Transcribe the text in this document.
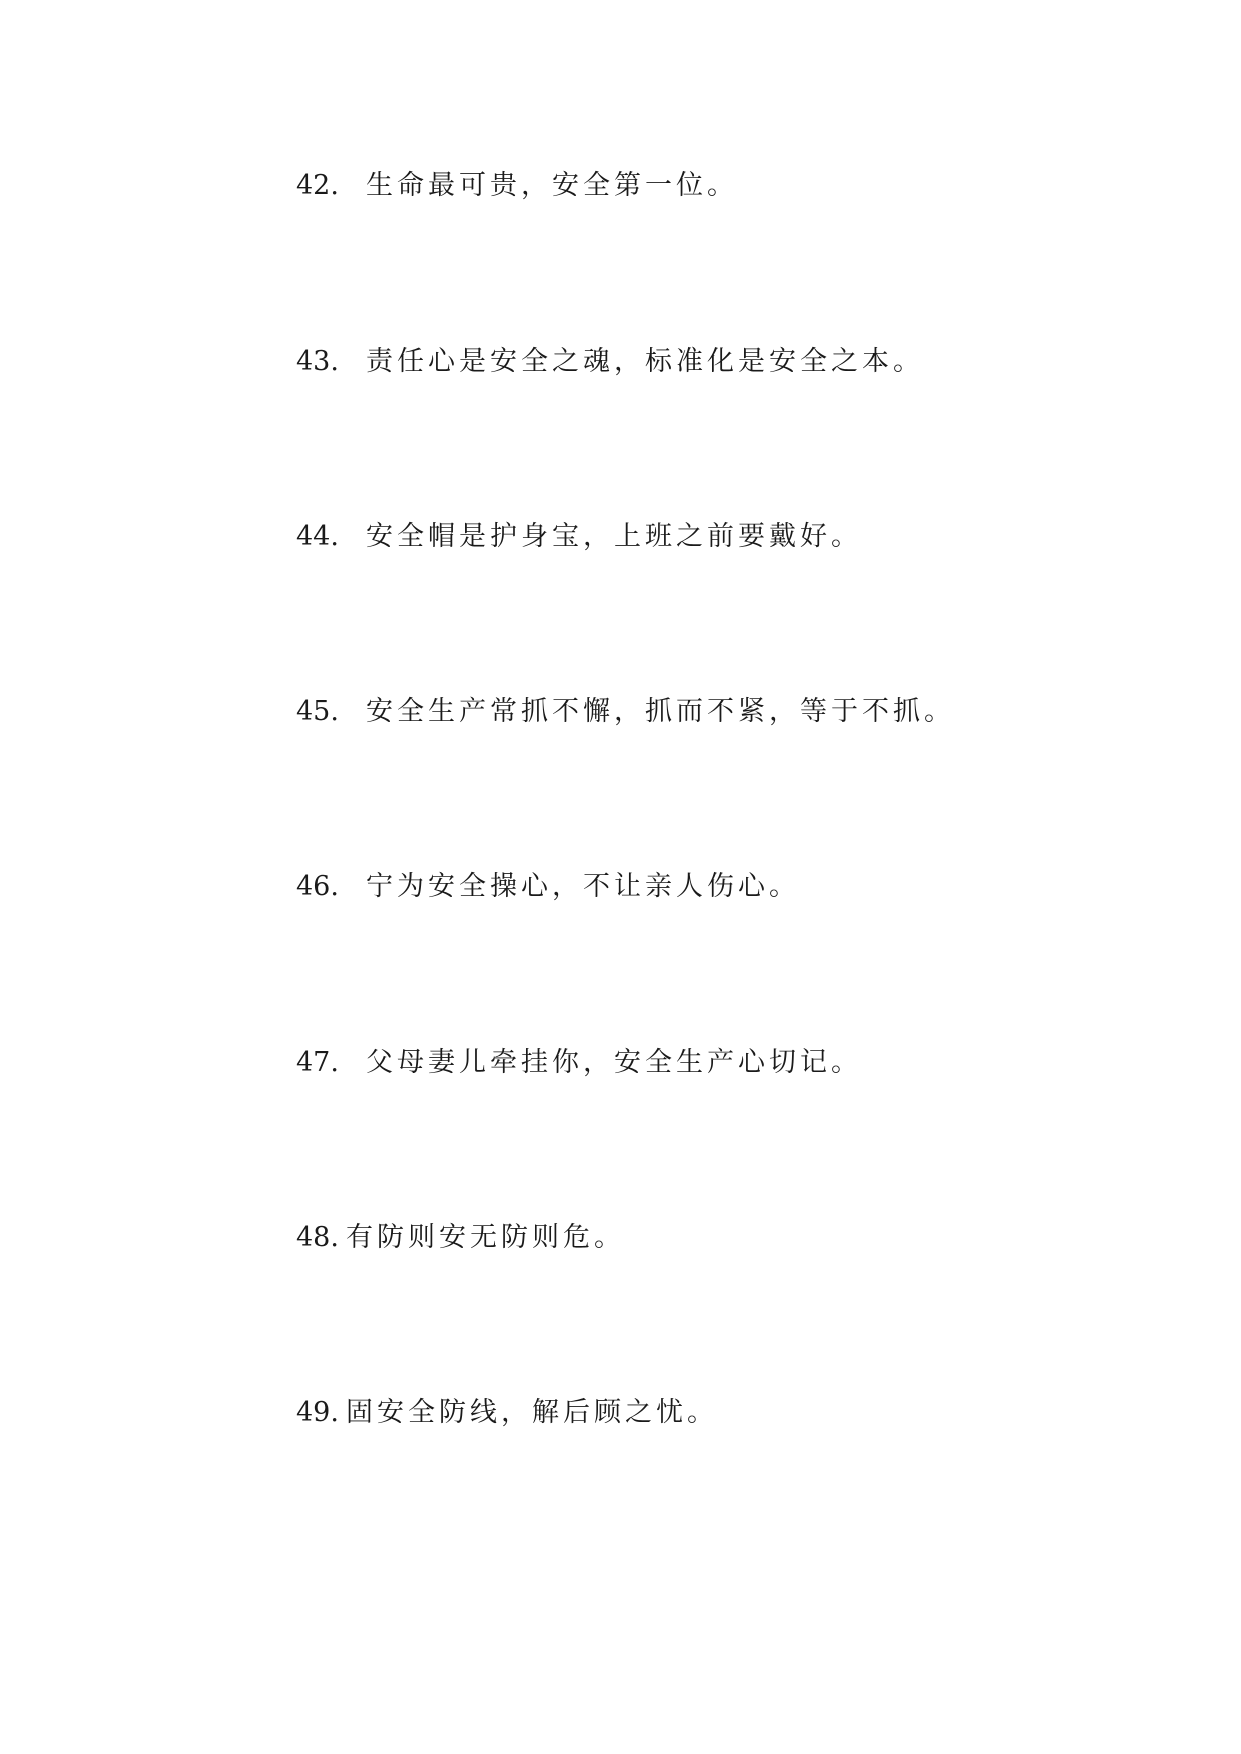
42. 生命最可贵，安全第一位。
43. 责任心是安全之魂，标准化是安全之本。
44. 安全帽是护身宝，上班之前要戴好。
45. 安全生产常抓不懈，抓而不紧，等于不抓。
46. 宁为安全操心，不让亲人伤心。
47. 父母妻儿牵挂你，安全生产心切记。
48. 有防则安无防则危。
49. 固安全防线，解后顾之忧。
